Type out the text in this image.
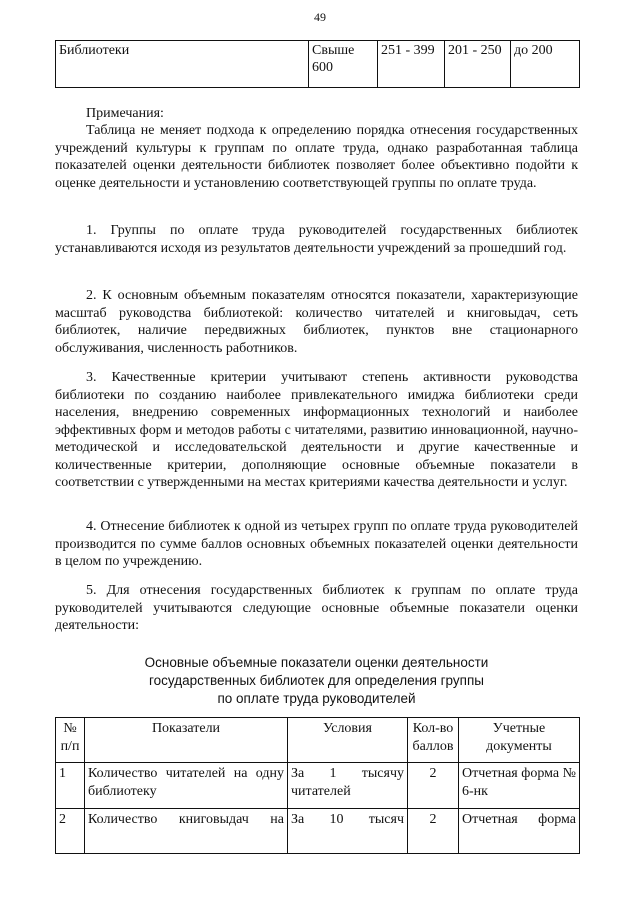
49
Библиотеки	Свыше 600	251 - 399	201 - 250	до 200
Примечания:
Таблица не меняет подхода к определению порядка отнесения государственных учреждений культуры к группам по оплате труда, однако разработанная таблица показателей оценки деятельности библиотек позволяет более объективно подойти к оценке деятельности и установлению соответствующей группы по оплате труда.
1. Группы по оплате труда руководителей государственных библиотек устанавливаются исходя из результатов деятельности учреждений за прошедший год.
2. К основным объемным показателям относятся показатели, характеризующие масштаб руководства библиотекой: количество читателей и книговыдач, сеть библиотек, наличие передвижных библиотек, пунктов вне стационарного обслуживания, численность работников.
3. Качественные критерии учитывают степень активности руководства библиотеки по созданию наиболее привлекательного имиджа библиотеки среди населения, внедрению современных информационных технологий и наиболее эффективных форм и методов работы с читателями, развитию инновационной, научно-методической и исследовательской деятельности и другие качественные и количественные критерии, дополняющие основные объемные показатели в соответствии с утвержденными на местах критериями качества деятельности и услуг.
4. Отнесение библиотек к одной из четырех групп по оплате труда руководителей производится по сумме баллов основных объемных показателей оценки деятельности в целом по учреждению.
5. Для отнесения государственных библиотек к группам по оплате труда руководителей учитываются следующие основные объемные показатели оценки деятельности:
Основные объемные показатели оценки деятельности
государственных библиотек для определения группы
по оплате труда руководителей
№ п/п	Показатели	Условия	Кол-во баллов	Учетные документы
1	Количество читателей на одну библиотеку	За 1 тысячу читателей	2	Отчетная форма № 6-нк
2	Количество книговыдач на	За 10 тысяч	2	Отчетная форма
